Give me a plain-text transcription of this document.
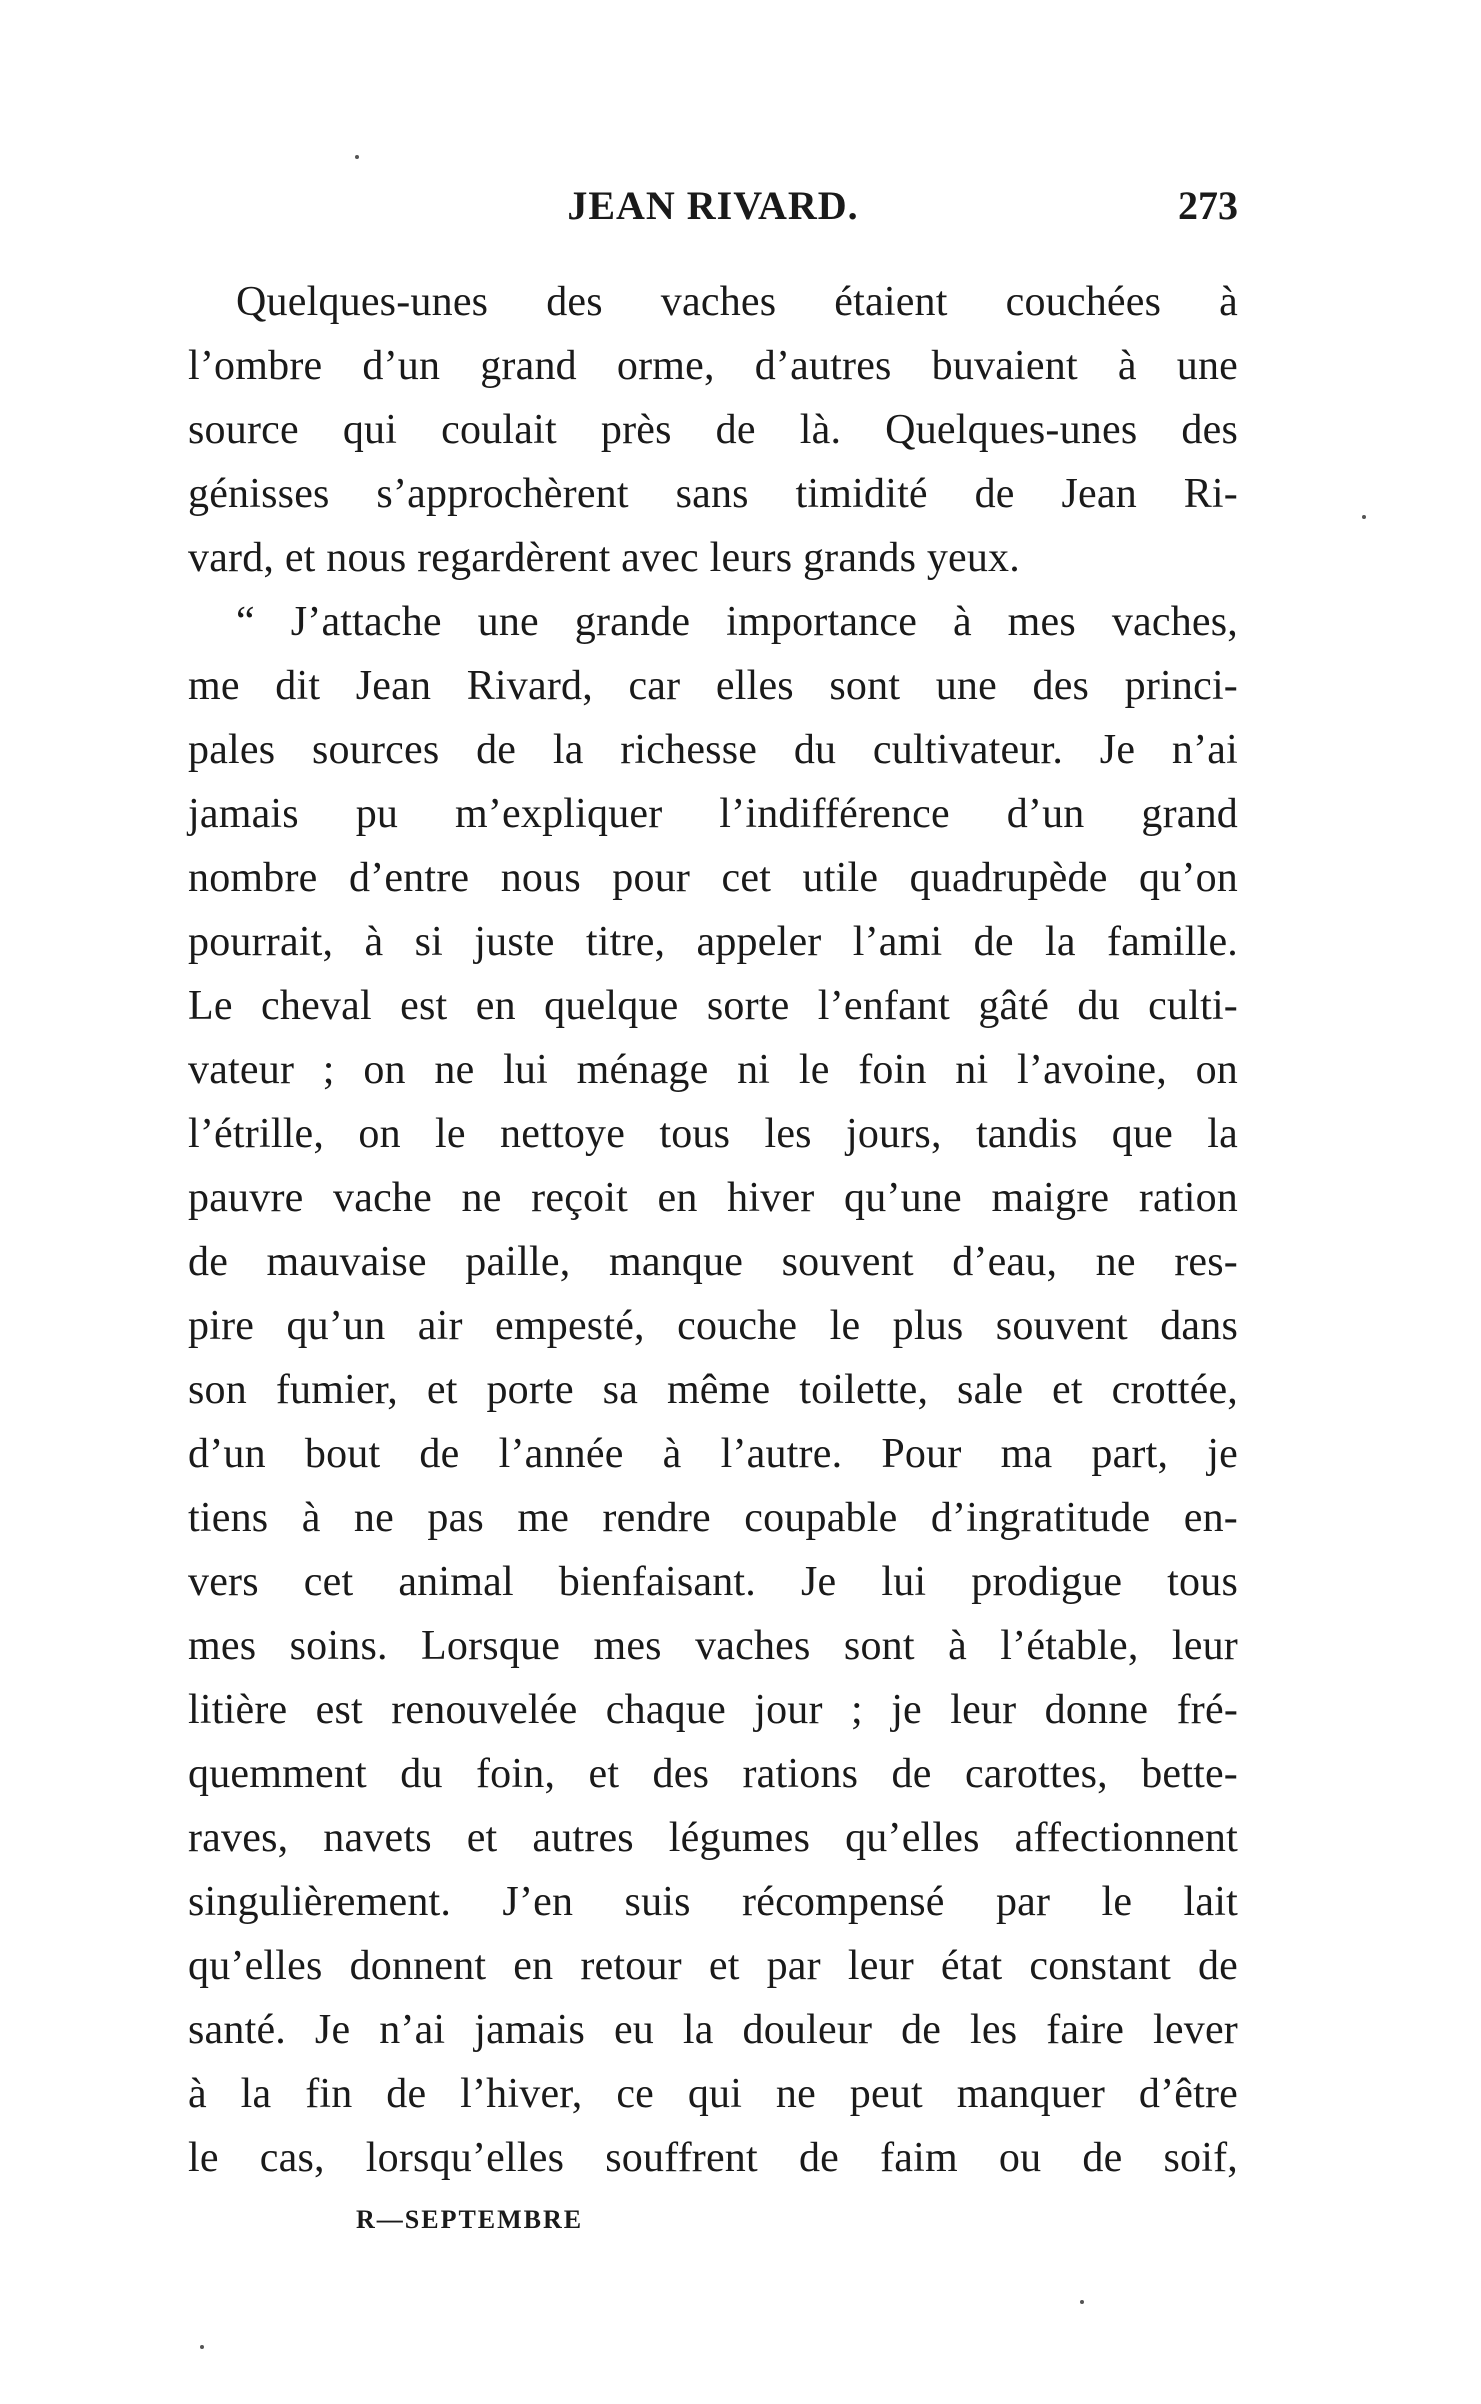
JEAN RIVARD.	273
Quelques-unes des vaches étaient couchées à
l’ombre d’un grand orme, d’autres buvaient à une
source qui coulait près de là. Quelques-unes des
génisses s’approchèrent sans timidité de Jean Ri-
vard, et nous regardèrent avec leurs grands yeux.
“ J’attache une grande importance à mes vaches,
me dit Jean Rivard, car elles sont une des princi-
pales sources de la richesse du cultivateur. Je n’ai
jamais pu m’expliquer l’indifférence d’un grand
nombre d’entre nous pour cet utile quadrupède qu’on
pourrait, à si juste titre, appeler l’ami de la famille.
Le cheval est en quelque sorte l’enfant gâté du culti-
vateur ; on ne lui ménage ni le foin ni l’avoine, on
l’étrille, on le nettoye tous les jours, tandis que la
pauvre vache ne reçoit en hiver qu’une maigre ration
de mauvaise paille, manque souvent d’eau, ne res-
pire qu’un air empesté, couche le plus souvent dans
son fumier, et porte sa même toilette, sale et crottée,
d’un bout de l’année à l’autre. Pour ma part, je
tiens à ne pas me rendre coupable d’ingratitude en-
vers cet animal bienfaisant. Je lui prodigue tous
mes soins. Lorsque mes vaches sont à l’étable, leur
litière est renouvelée chaque jour ; je leur donne fré-
quemment du foin, et des rations de carottes, bette-
raves, navets et autres légumes qu’elles affectionnent
singulièrement. J’en suis récompensé par le lait
qu’elles donnent en retour et par leur état constant de
santé. Je n’ai jamais eu la douleur de les faire lever
à la fin de l’hiver, ce qui ne peut manquer d’être
le cas, lorsqu’elles souffrent de faim ou de soif,
R—SEPTEMBRE
